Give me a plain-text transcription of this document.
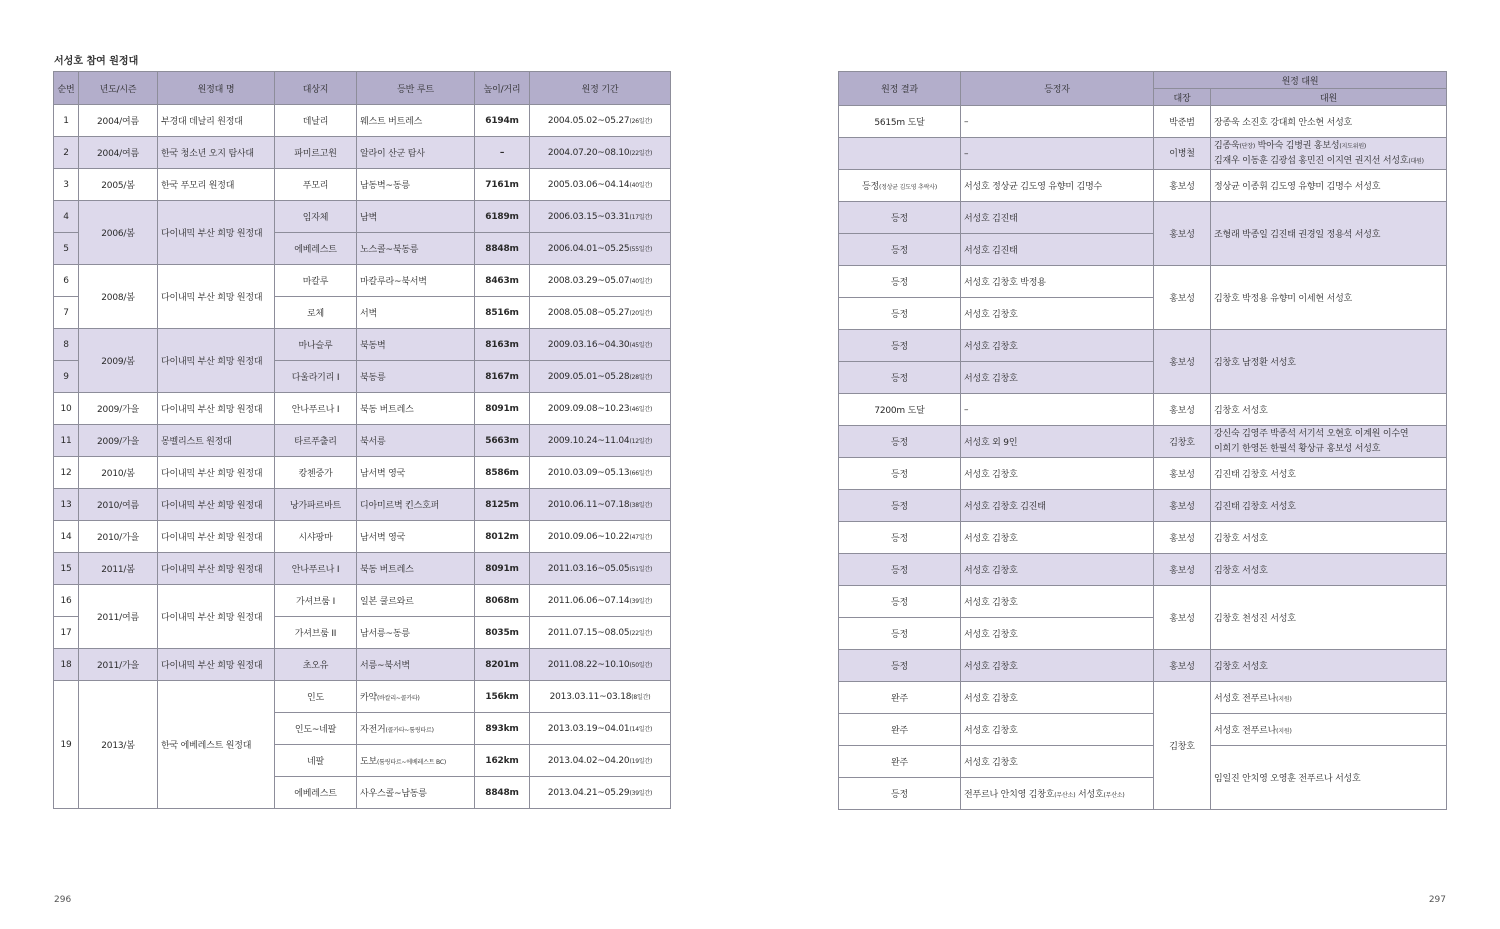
서성호 참여 원정대
순번	년도/시즌	원정대 명	대상지	등반 루트	높이/거리	원정 기간
1	2004/여름	부경대 데날리 원정대	데날리	웨스트 버트레스	6194m	2004.05.02~05.27(26일간)
2	2004/여름	한국 청소년 오지 탐사대	파미르고원	알라이 산군 탐사	–	2004.07.20~08.10(22일간)
3	2005/봄	한국 푸모리 원정대	푸모리	남동벽~동릉	7161m	2005.03.06~04.14(40일간)
4	2006/봄	다이내믹 부산 희망 원정대	임자체	남벽	6189m	2006.03.15~03.31(17일간)
5			에베레스트	노스콜~북동릉	8848m	2006.04.01~05.25(55일간)
6	2008/봄	다이내믹 부산 희망 원정대	마칼루	마칼루라~북서벽	8463m	2008.03.29~05.07(40일간)
7			로체	서벽	8516m	2008.05.08~05.27(20일간)
8	2009/봄	다이내믹 부산 희망 원정대	마나슬루	북동벽	8163m	2009.03.16~04.30(45일간)
9			다울라기리 I	북동릉	8167m	2009.05.01~05.28(28일간)
10	2009/가을	다이내믹 부산 희망 원정대	안나푸르나 I	북동 버트레스	8091m	2009.09.08~10.23(46일간)
11	2009/가을	몽벨리스트 원정대	타르푸출리	북서릉	5663m	2009.10.24~11.04(12일간)
12	2010/봄	다이내믹 부산 희망 원정대	캉첸중가	남서벽 영국	8586m	2010.03.09~05.13(66일간)
13	2010/여름	다이내믹 부산 희망 원정대	낭가파르바트	디아미르벽 킨스호퍼	8125m	2010.06.11~07.18(38일간)
14	2010/가을	다이내믹 부산 희망 원정대	시샤팡마	남서벽 영국	8012m	2010.09.06~10.22(47일간)
15	2011/봄	다이내믹 부산 희망 원정대	안나푸르나 I	북동 버트레스	8091m	2011.03.16~05.05(51일간)
16	2011/여름	다이내믹 부산 희망 원정대	가셔브룸 I	일본 쿨르와르	8068m	2011.06.06~07.14(39일간)
17			가셔브룸 II	남서릉~동릉	8035m	2011.07.15~08.05(22일간)
18	2011/가을	다이내믹 부산 희망 원정대	초오유	서릉~북서벽	8201m	2011.08.22~10.10(50일간)
19	2013/봄	한국 에베레스트 원정대	인도	카약(바칼리~콜카타)	156km	2013.03.11~03.18(8일간)
			인도~네팔	자전거(콜카타~툼링타르)	893km	2013.03.19~04.01(14일간)
			네팔	도보(툼링타르~에베레스트 BC)	162km	2013.04.02~04.20(19일간)
			에베레스트	사우스콜~남동릉	8848m	2013.04.21~05.29(39일간)
원정 결과	등정자	원정 대원	
		대장	대원
5615m 도달	–	박준범	장종욱 소진호 강대희 안소현 서성호
	–	이병철	김종욱(단장) 박아숙 김병권 홍보성(지도위원)
김재우 이동훈 김광섭 홍민진 이지연 권지선 서성호(대원)

등정(정상균 김도영 추락사)	서성호 정상균 김도영 유향미 김명수	홍보성	정상균 이종휘 김도영 유향미 김명수 서성호
등정	서성호 김진태	홍보성	조형래 박종일 김진태 권경일 정용석 서성호
등정	서성호 김진태		
등정	서성호 김창호 박정용	홍보성	김창호 박정용 유향미 이세현 서성호
등정	서성호 김창호		
등정	서성호 김창호	홍보성	김창호 남정환 서성호
등정	서성호 김창호		
7200m 도달	–	홍보성	김창호 서성호
등정	서성호 외 9인	김창호	강신숙 김영주 박종석 서기석 오현호 이계원 이수연
이희기 한영돈 한필석 황상규 홍보성 서성호

등정	서성호 김창호	홍보성	김진태 김창호 서성호
등정	서성호 김창호 김진태	홍보성	김진태 김창호 서성호
등정	서성호 김창호	홍보성	김창호 서성호
등정	서성호 김창호	홍보성	김창호 서성호
등정	서성호 김창호	홍보성	김창호 천성진 서성호
등정	서성호 김창호		
등정	서성호 김창호	홍보성	김창호 서성호
완주	서성호 김창호	김창호	서성호 전푸르나(지원)
완주	서성호 김창호		서성호 전푸르나(지원)
완주	서성호 김창호		임일진 안치영 오영훈 전푸르나 서성호
등정	전푸르나 안치영 김창호(무산소) 서성호(무산소)		
296	297
